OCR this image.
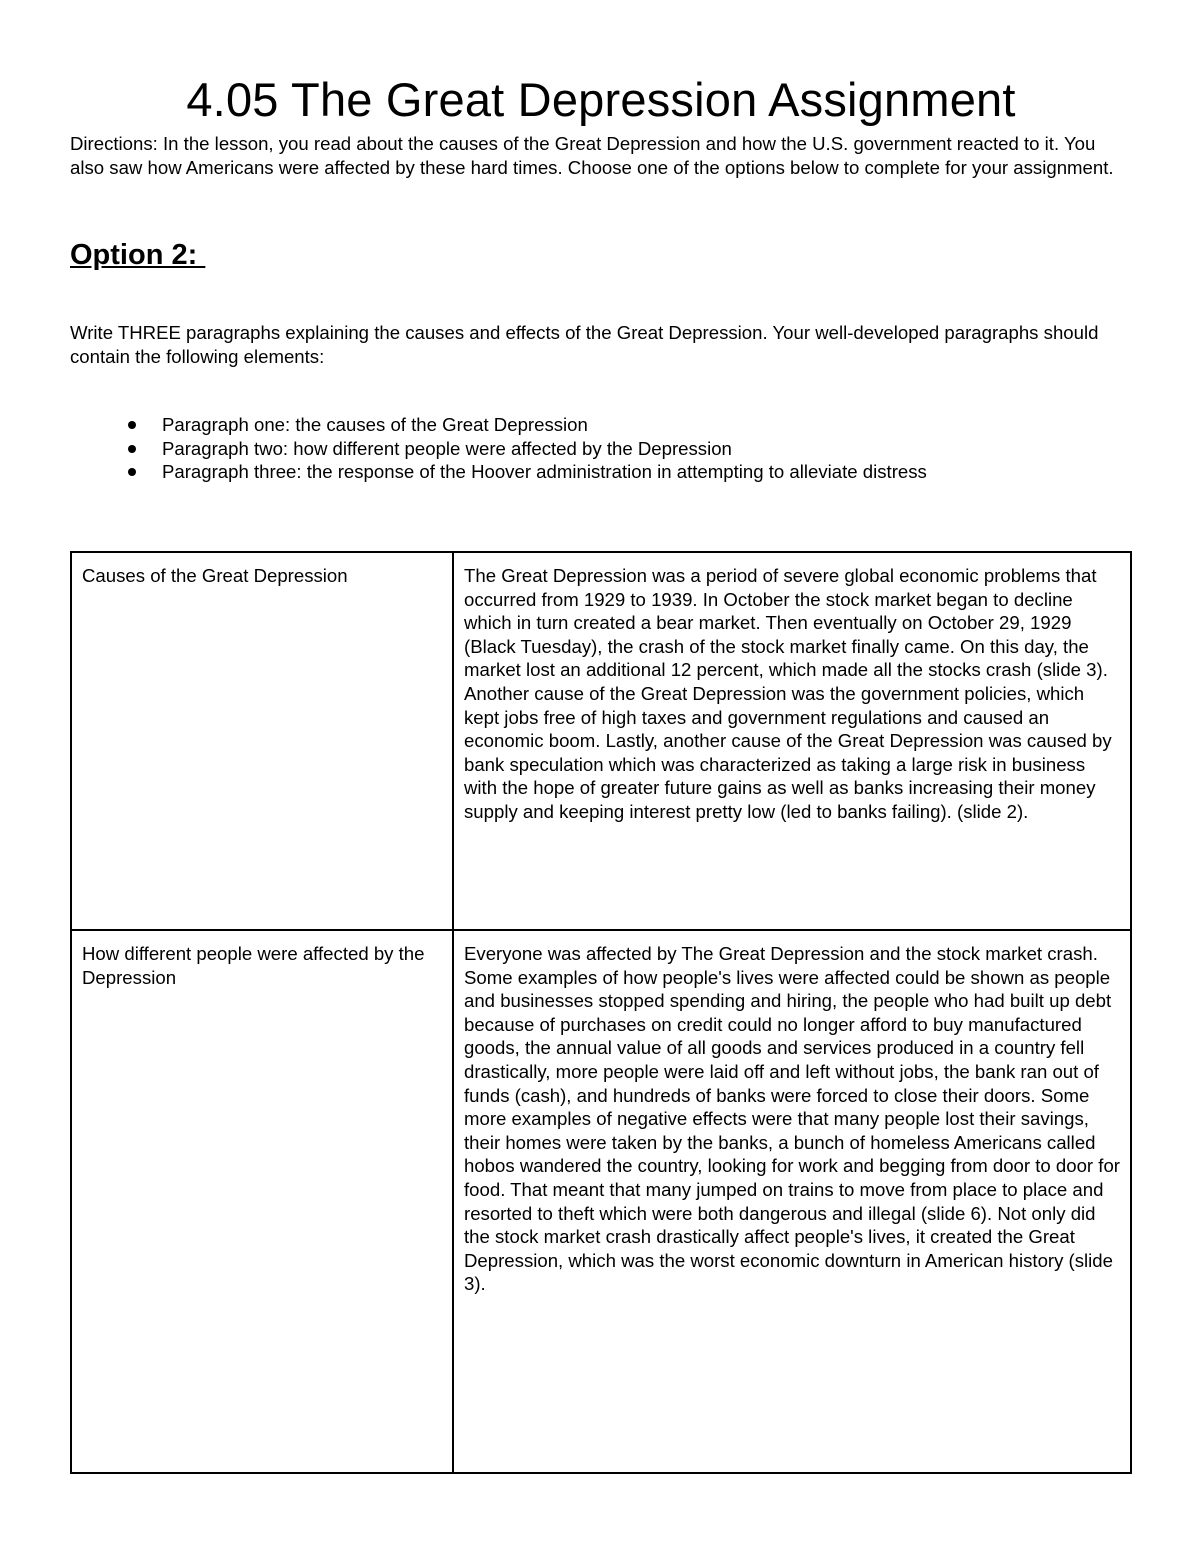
4.05 The Great Depression Assignment

Directions: In the lesson, you read about the causes of the Great Depression and how the U.S. government reacted to it. You also saw how Americans were affected by these hard times. Choose one of the options below to complete for your assignment.

Option 2:

Write THREE paragraphs explaining the causes and effects of the Great Depression. Your well-developed paragraphs should contain the following elements:

Paragraph one: the causes of the Great Depression
Paragraph two: how different people were affected by the Depression
Paragraph three: the response of the Hoover administration in attempting to alleviate distress
Causes of the Great Depression	The Great Depression was a period of severe global economic problems that occurred from 1929 to 1939. In October the stock market began to decline which in turn created a bear market. Then eventually on October 29, 1929 (Black Tuesday), the crash of the stock market finally came. On this day, the market lost an additional 12 percent, which made all the stocks crash (slide 3). Another cause of the Great Depression was the government policies, which kept jobs free of high taxes and government regulations and caused an economic boom. Lastly, another cause of the Great Depression was caused by bank speculation which was characterized as taking a large risk in business with the hope of greater future gains as well as banks increasing their money supply and keeping interest pretty low (led to banks failing). (slide 2).
How different people were affected by the Depression	Everyone was affected by The Great Depression and the stock market crash. Some examples of how people's lives were affected could be shown as people and businesses stopped spending and hiring, the people who had built up debt because of purchases on credit could no longer afford to buy manufactured goods, the annual value of all goods and services produced in a country fell drastically, more people were laid off and left without jobs, the bank ran out of funds (cash), and hundreds of banks were forced to close their doors. Some more examples of negative effects were that many people lost their savings, their homes were taken by the banks, a bunch of homeless Americans called hobos wandered the country, looking for work and begging from door to door for food. That meant that many jumped on trains to move from place to place and resorted to theft which were both dangerous and illegal (slide 6). Not only did the stock market crash drastically affect people's lives, it created the Great Depression, which was the worst economic downturn in American history (slide 3).
